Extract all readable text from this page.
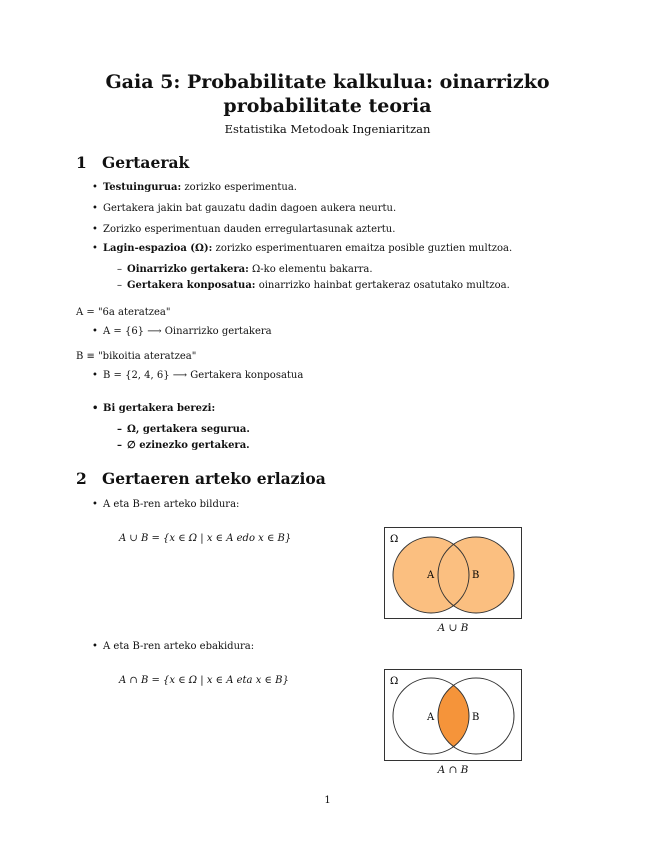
Gaia 5: Probabilitate kalkulua: oinarrizko probabilitate teoria
Estatistika Metodoak Ingeniaritzan
1 Gertaerak
• Testuingurua: zorizko esperimentua.
• Gertakera jakin bat gauzatu dadin dagoen aukera neurtu.
• Zorizko esperimentuan dauden erregulartasunak aztertu.
• Lagin-espazioa (Ω): zorizko esperimentuaren emaitza posible guztien multzoa.
– Oinarrizko gertakera: Ω-ko elementu bakarra.
– Gertakera konposatua: oinarrizko hainbat gertakeraz osatutako multzoa.
A = "6a ateratzea"
• A = {6} ⟶ Oinarrizko gertakera
B ≡ "bikoitia ateratzea"
• B = {2, 4, 6} ⟶ Gertakera konposatua
• Bi gertakera berezi:
– Ω, gertakera segurua.
– ∅ ezinezko gertakera.
2 Gertaeren arteko erlazioa
• A eta B-ren arteko bildura:
A ∪ B = {x ∈ Ω | x ∈ A edo x ∈ B}	Ω
A	B
A ∪ B
• A eta B-ren arteko ebakidura:
A ∩ B = {x ∈ Ω | x ∈ A eta x ∈ B}	Ω
A	B
A ∩ B
1
